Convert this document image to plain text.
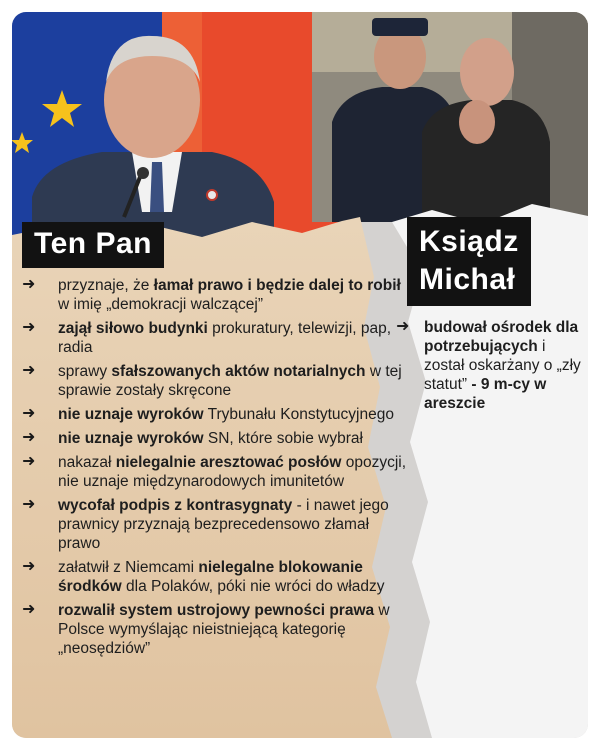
Ten Pan	Ksiądz
Michał
➜ przyznaje, że łamał prawo i będzie dalej to robił w imię „demokracji walczącej”
➜ zajął siłowo budynki prokuratury, telewizji, pap, radia
➜ sprawy sfałszowanych aktów notarialnych w tej sprawie zostały skręcone
➜ nie uznaje wyroków Trybunału Konstytucyjnego
➜ nie uznaje wyroków SN, które sobie wybrał
➜ nakazał nielegalnie aresztować posłów opozycji, nie uznaje międzynarodowych imunitetów
➜ wycofał podpis z kontrasygnaty - i nawet jego prawnicy przyznają bezprecedensowo złamał prawo
➜ załatwił z Niemcami nielegalne blokowanie środków dla Polaków, póki nie wróci do władzy
➜ rozwalił system ustrojowy pewności prawa w Polsce wymyślając nieistniejącą kategorię „neosędziów”
➜ budował ośrodek dla potrzebujących i został oskarżany o „zły statut” - 9 m-cy w areszcie
